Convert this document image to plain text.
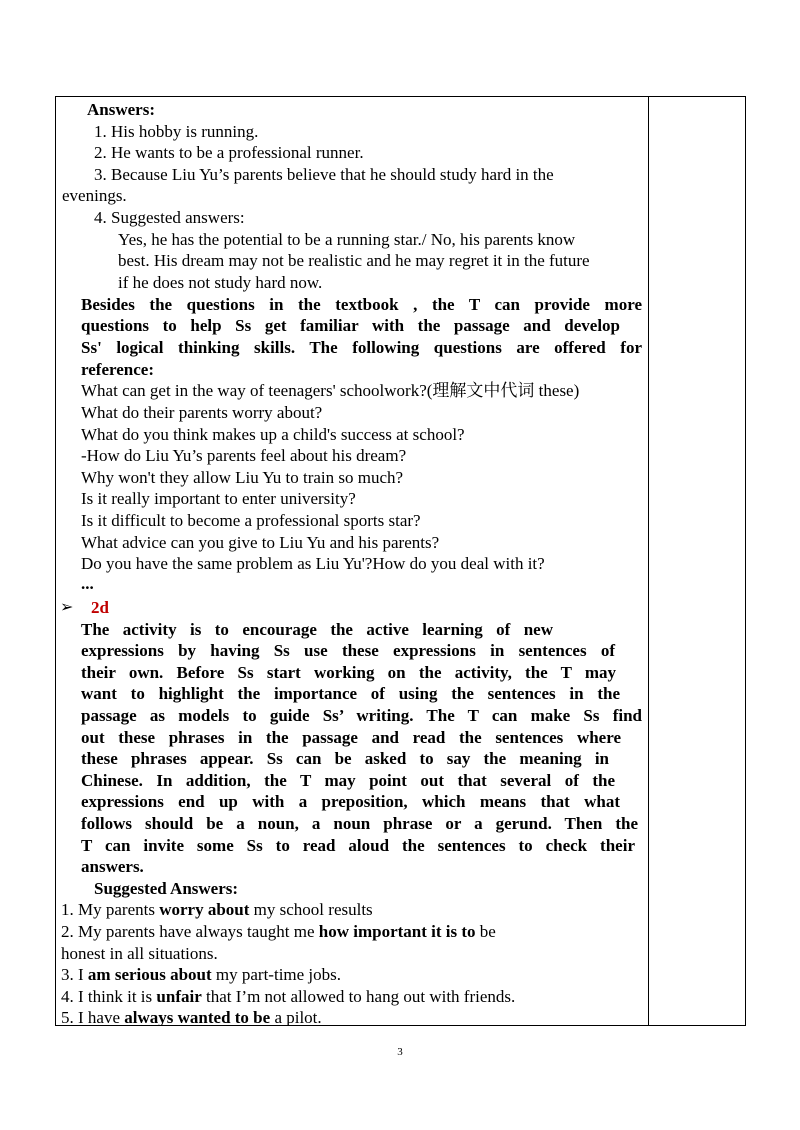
Answers:
1. His hobby is running.
2. He wants to be a professional runner.
3. Because Liu Yu’s parents believe that he should study hard in the
evenings.
4. Suggested answers:
Yes, he has the potential to be a running star./ No, his parents know
best. His dream may not be realistic and he may regret it in the future
if he does not study hard now.
Besides the questions in the textbook , the T can provide more
questions to help Ss get familiar with the passage and develop
Ss' logical thinking skills. The following questions are offered for
reference:
What can get in the way of teenagers' schoolwork?(理解文中代词 these)
What do their parents worry about?
What do you think makes up a child's success at school?
-How do Liu Yu’s parents feel about his dream?
Why won't they allow Liu Yu to train so much?
Is it really important to enter university?
Is it difficult to become a professional sports star?
What advice can you give to Liu Yu and his parents?
Do you have the same problem as Liu Yu'?How do you deal with it?
...
➢ 2d
The activity is to encourage the active learning of new
expressions by having Ss use these expressions in sentences of
their own. Before Ss start working on the activity, the T may
want to highlight the importance of using the sentences in the
passage as models to guide Ss’ writing. The T can make Ss find
out these phrases in the passage and read the sentences where
these phrases appear. Ss can be asked to say the meaning in
Chinese. In addition, the T may point out that several of the
expressions end up with a preposition, which means that what
follows should be a noun, a noun phrase or a gerund. Then the
T can invite some Ss to read aloud the sentences to check their
answers.
Suggested Answers:
1. My parents worry about my school results
2. My parents have always taught me how important it is to be
honest in all situations.
3. I am serious about my part-time jobs.
4. I think it is unfair that I’m not allowed to hang out with friends.
5. I have always wanted to be a pilot.
3
